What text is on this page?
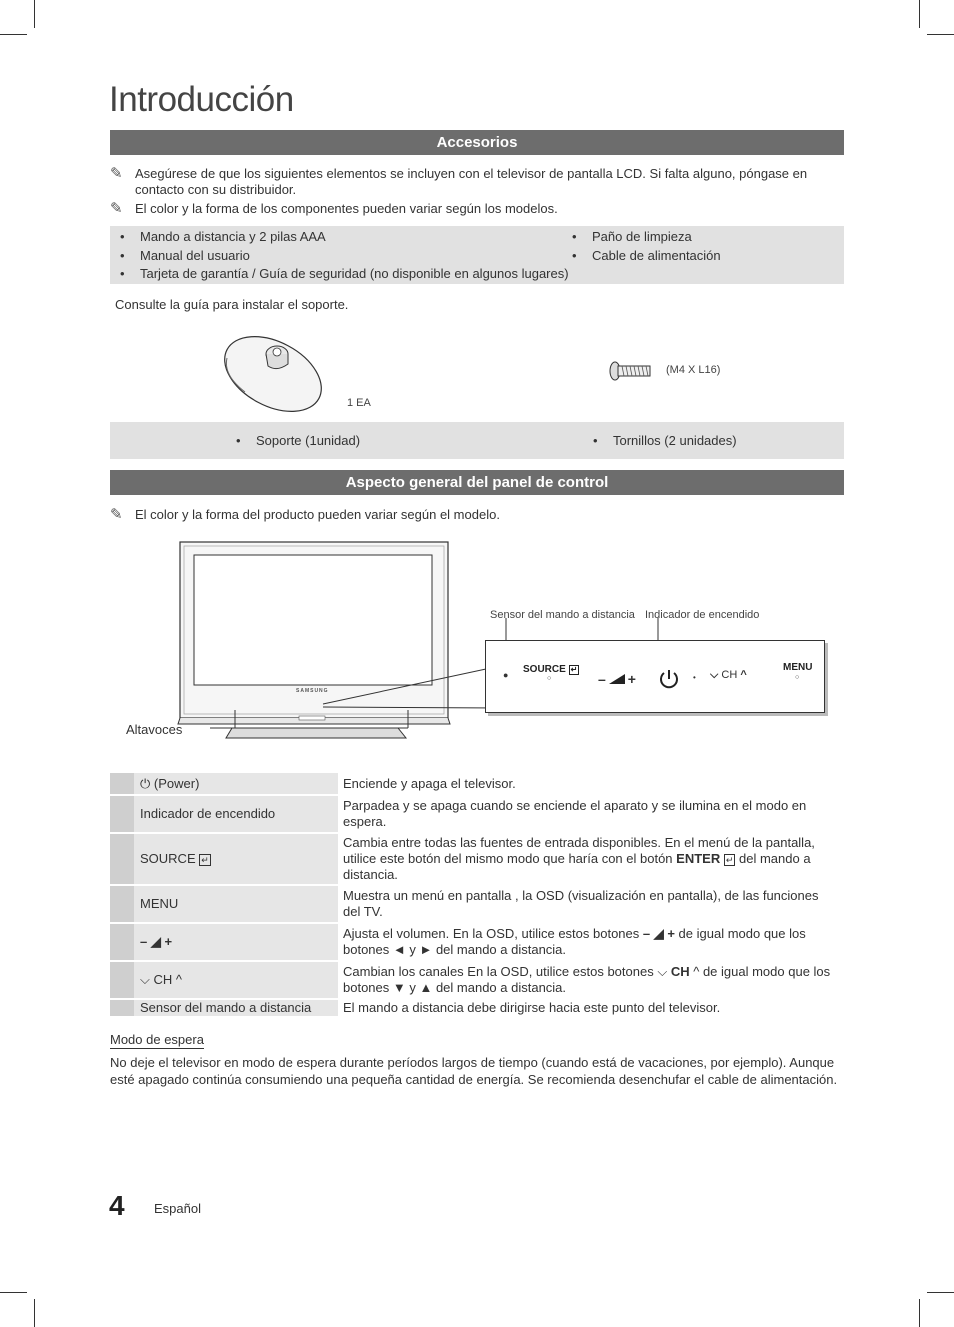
Introducción
Accesorios
✎ Asegúrese de que los siguientes elementos se incluyen con el televisor de pantalla LCD. Si falta alguno, póngase en contacto con su distribuidor.
✎ El color y la forma de los componentes pueden variar según los modelos.
• Mando a distancia y 2 pilas AAA
• Manual del usuario
• Tarjeta de garantía / Guía de seguridad (no disponible en algunos lugares)
• Paño de limpieza
• Cable de alimentación
Consulte la guía para instalar el soporte.
1 EA
(M4 X L16)
• Soporte (1unidad)	• Tornillos (2 unidades)
Aspecto general del panel de control
✎ El color y la forma del producto pueden variar según el modelo.
SAMSUNG
Sensor del mando a distancia Indicador de encendido
Altavoces
● SOURCE ↵
○	– +	• ⌵ CH ^
MENU
○
	⏻ (Power)	Enciende y apaga el televisor.
	Indicador de encendido	Parpadea y se apaga cuando se enciende el aparato y se ilumina en el modo en espera.
	SOURCE ↵	Cambia entre todas las fuentes de entrada disponibles. En el menú de la pantalla, utilice este botón del mismo modo que haría con el botón ENTER ↵ del mando a distancia.
	MENU	Muestra un menú en pantalla , la OSD (visualización en pantalla), de las funciones del TV.
	– ◢ +	Ajusta el volumen. En la OSD, utilice estos botones – ◢ + de igual modo que los botones ◄ y ► del mando a distancia.
	⌵ CH ^	Cambian los canales En la OSD, utilice estos botones ⌵ CH ^ de igual modo que los botones ▼ y ▲ del mando a distancia.
	Sensor del mando a distancia	El mando a distancia debe dirigirse hacia este punto del televisor.
Modo de espera
No deje el televisor en modo de espera durante períodos largos de tiempo (cuando está de vacaciones, por ejemplo). Aunque esté apagado continúa consumiendo una pequeña cantidad de energía. Se recomienda desenchufar el cable de alimentación.
4 Español
